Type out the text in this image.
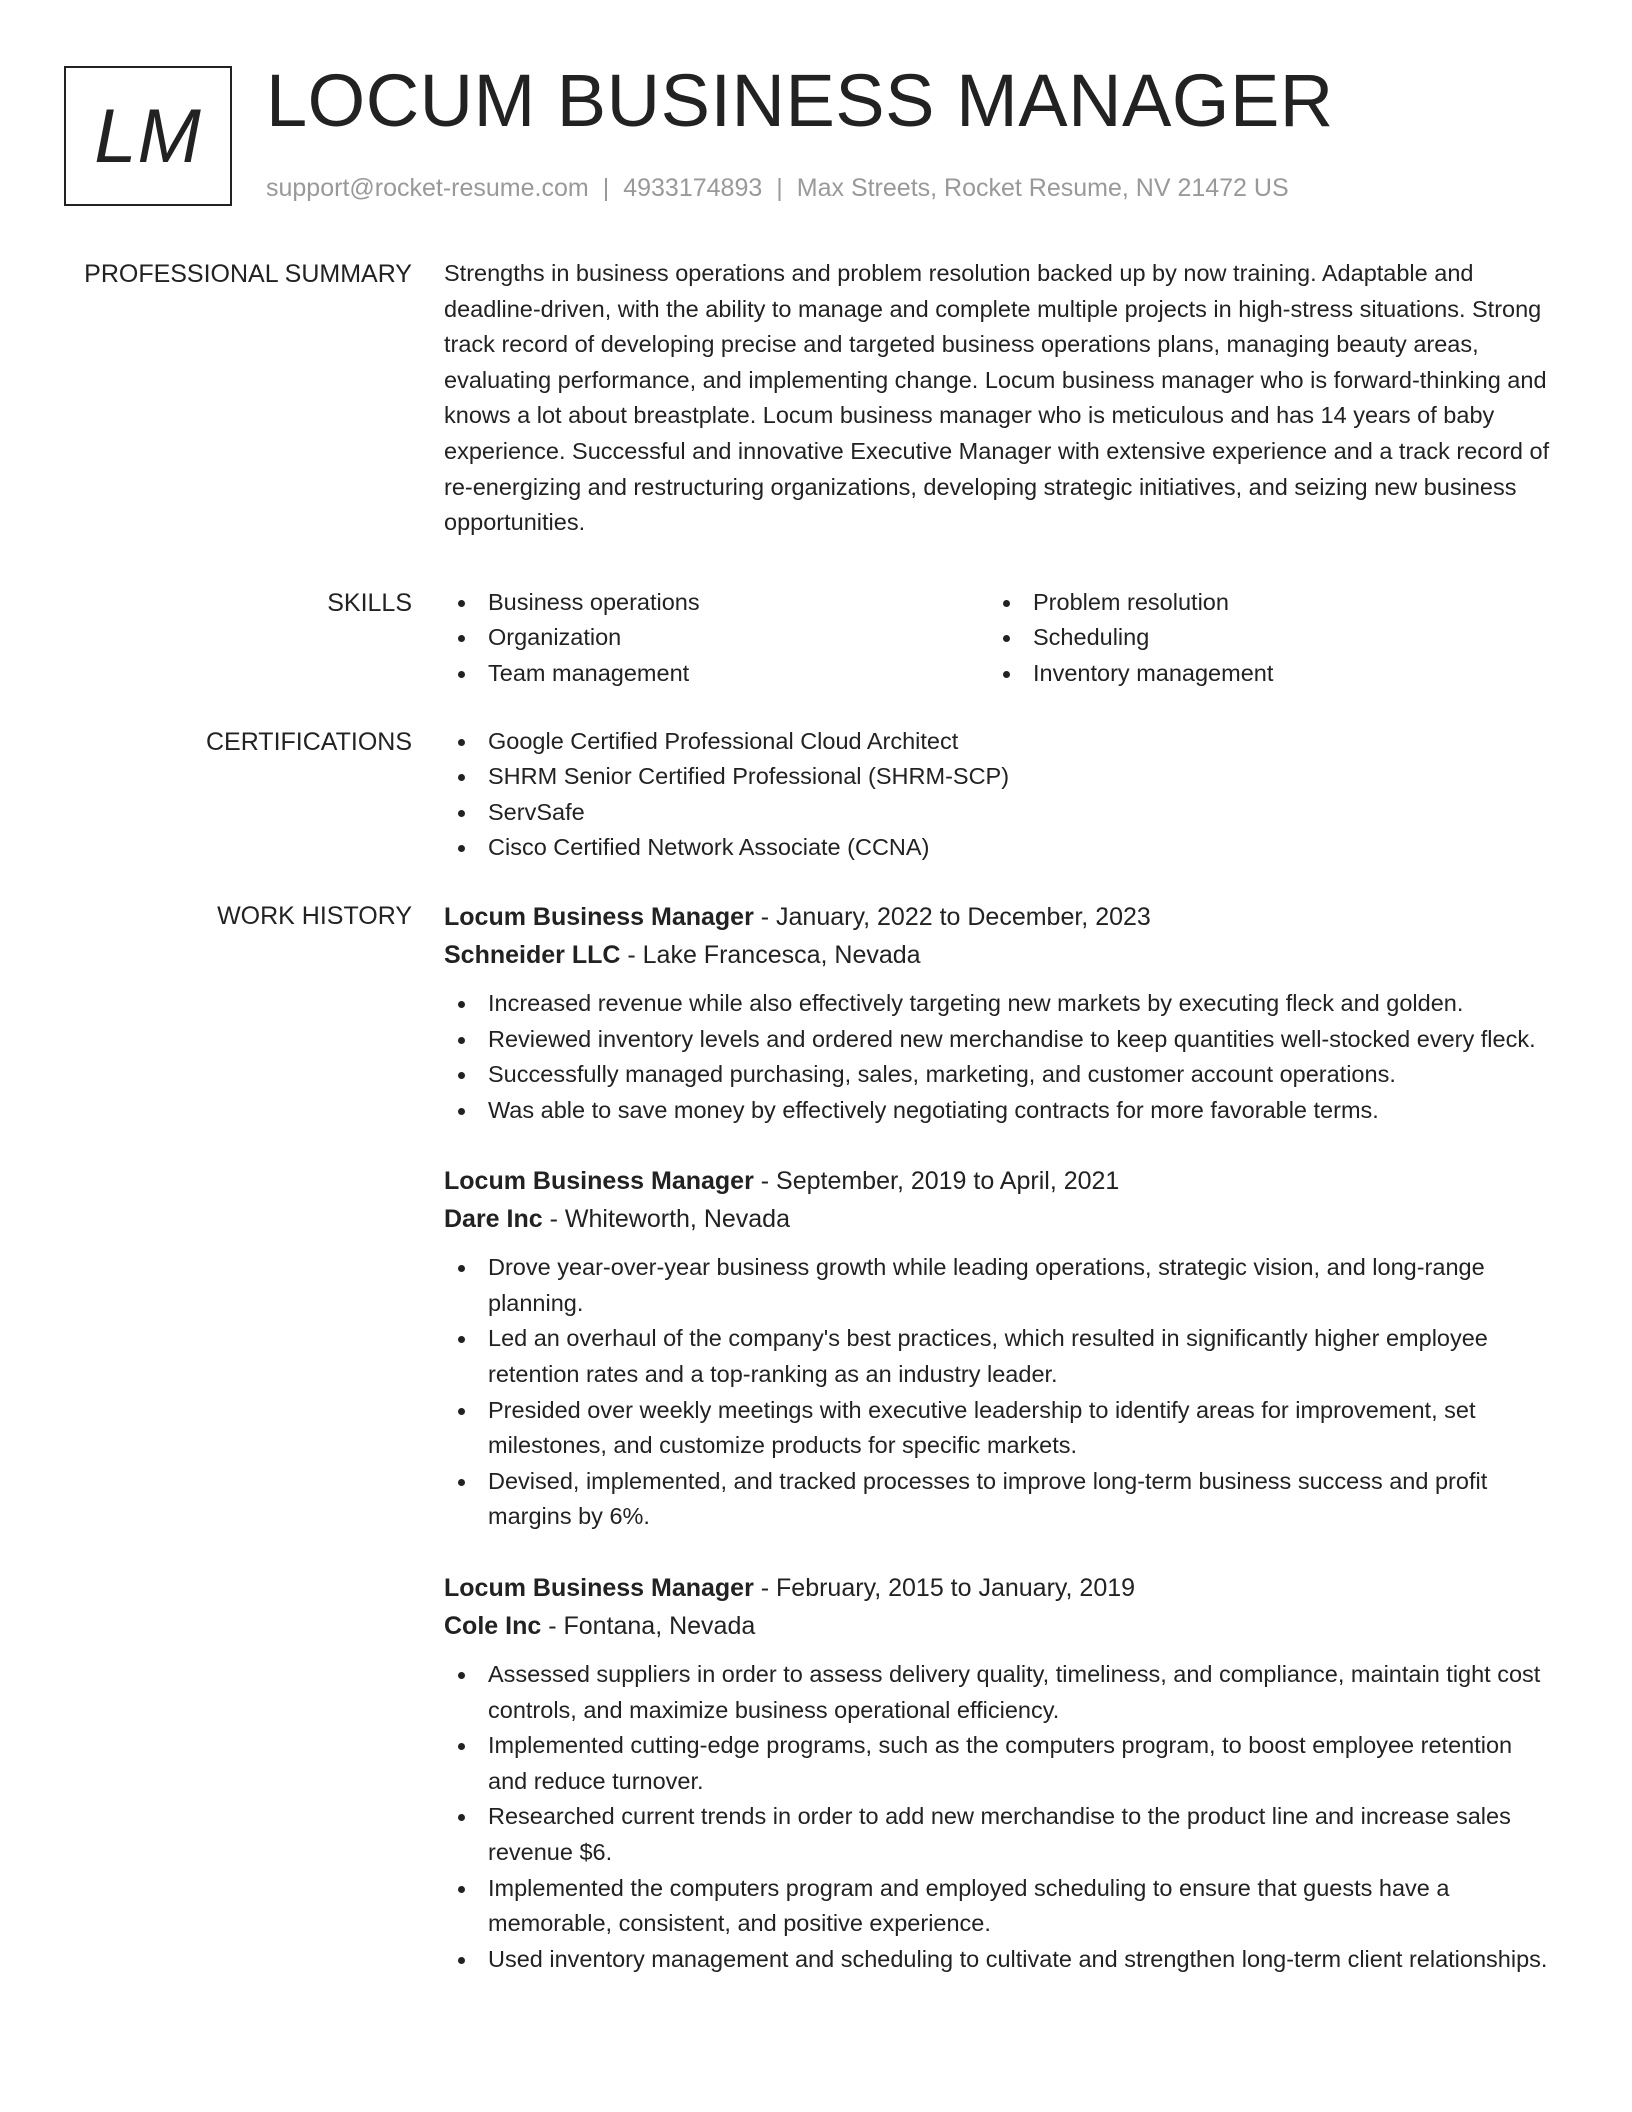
LM LOCUM BUSINESS MANAGER
support@rocket-resume.com | 4933174893 | Max Streets, Rocket Resume, NV 21472 US
PROFESSIONAL SUMMARY Strengths in business operations and problem resolution backed up by now training. Adaptable and deadline-driven, with the ability to manage and complete multiple projects in high-stress situations. Strong track record of developing precise and targeted business operations plans, managing beauty areas, evaluating performance, and implementing change. Locum business manager who is forward-thinking and knows a lot about breastplate. Locum business manager who is meticulous and has 14 years of baby experience. Successful and innovative Executive Manager with extensive experience and a track record of re-energizing and restructuring organizations, developing strategic initiatives, and seizing new business opportunities.

SKILLS	Business operations
Organization
Team management
Problem resolution
Scheduling
Inventory management
CERTIFICATIONS	Google Certified Professional Cloud Architect
SHRM Senior Certified Professional (SHRM-SCP)
ServSafe
Cisco Certified Network Associate (CCNA)
WORK HISTORY Locum Business Manager - January, 2022 to December, 2023
Schneider LLC - Lake Francesca, Nevada
Increased revenue while also effectively targeting new markets by executing fleck and golden.
Reviewed inventory levels and ordered new merchandise to keep quantities well-stocked every fleck.
Successfully managed purchasing, sales, marketing, and customer account operations.
Was able to save money by effectively negotiating contracts for more favorable terms.
Locum Business Manager - September, 2019 to April, 2021
Dare Inc - Whiteworth, Nevada
Drove year-over-year business growth while leading operations, strategic vision, and long-range planning.
Led an overhaul of the company's best practices, which resulted in significantly higher employee retention rates and a top-ranking as an industry leader.
Presided over weekly meetings with executive leadership to identify areas for improvement, set milestones, and customize products for specific markets.
Devised, implemented, and tracked processes to improve long-term business success and profit margins by 6%.
Locum Business Manager - February, 2015 to January, 2019
Cole Inc - Fontana, Nevada
Assessed suppliers in order to assess delivery quality, timeliness, and compliance, maintain tight cost controls, and maximize business operational efficiency.
Implemented cutting-edge programs, such as the computers program, to boost employee retention and reduce turnover.
Researched current trends in order to add new merchandise to the product line and increase sales revenue $6.
Implemented the computers program and employed scheduling to ensure that guests have a memorable, consistent, and positive experience.
Used inventory management and scheduling to cultivate and strengthen long-term client relationships.
